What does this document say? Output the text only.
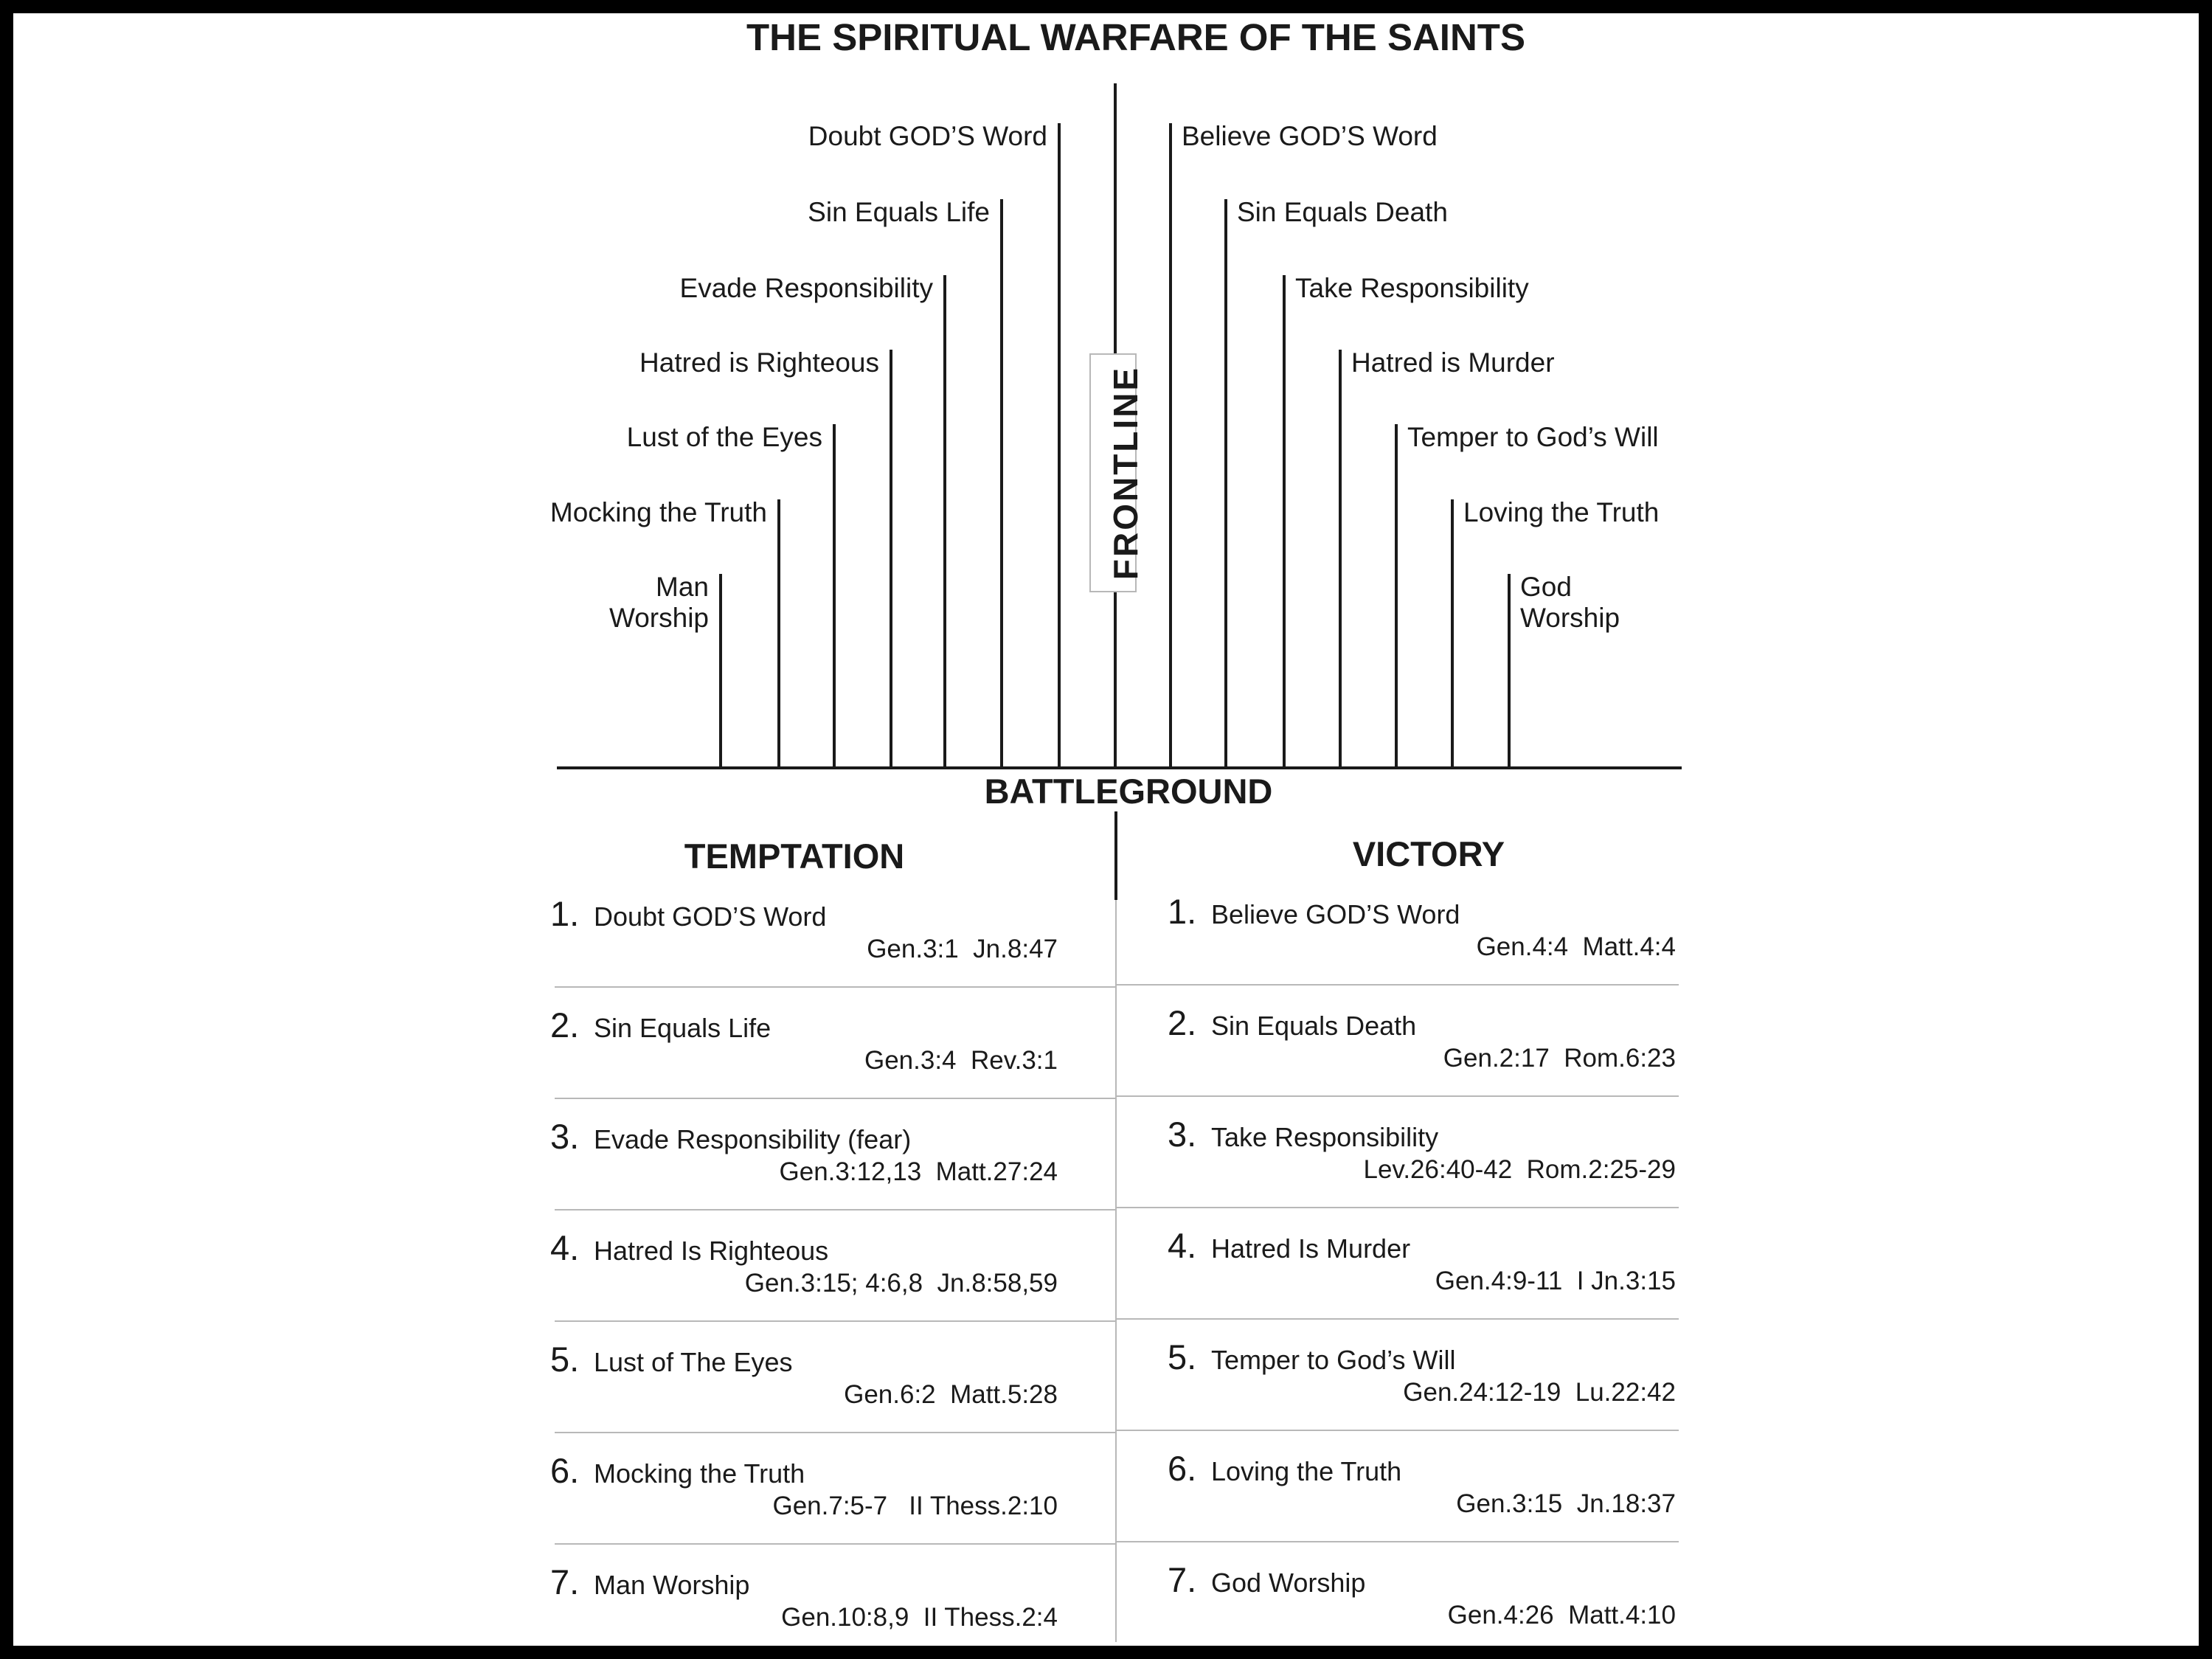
THE SPIRITUAL WARFARE OF THE SAINTS
Doubt GOD’S Word
Sin Equals Life
Evade Responsibility
Hatred is Righteous
Lust of the Eyes
Mocking the Truth
Man
Worship
Believe GOD’S Word
Sin Equals Death
Take Responsibility
Hatred is Murder
Temper to God’s Will
Loving the Truth
God
Worship
FRONTLINE
BATTLEGROUND
TEMPTATION	VICTORY
1. Doubt GOD’S Word
Gen.3:1  Jn.8:47
2. Sin Equals Life
Gen.3:4  Rev.3:1
3. Evade Responsibility (fear)
Gen.3:12,13  Matt.27:24
4. Hatred Is Righteous
Gen.3:15; 4:6,8  Jn.8:58,59
5. Lust of The Eyes
Gen.6:2  Matt.5:28
6. Mocking the Truth
Gen.7:5-7   II Thess.2:10
7. Man Worship
Gen.10:8,9  II Thess.2:4
1. Believe GOD’S Word
Gen.4:4  Matt.4:4
2. Sin Equals Death
Gen.2:17  Rom.6:23
3. Take Responsibility
Lev.26:40-42  Rom.2:25-29
4. Hatred Is Murder
Gen.4:9-11  I Jn.3:15
5. Temper to God’s Will
Gen.24:12-19  Lu.22:42
6. Loving the Truth
Gen.3:15  Jn.18:37
7. God Worship
Gen.4:26  Matt.4:10
